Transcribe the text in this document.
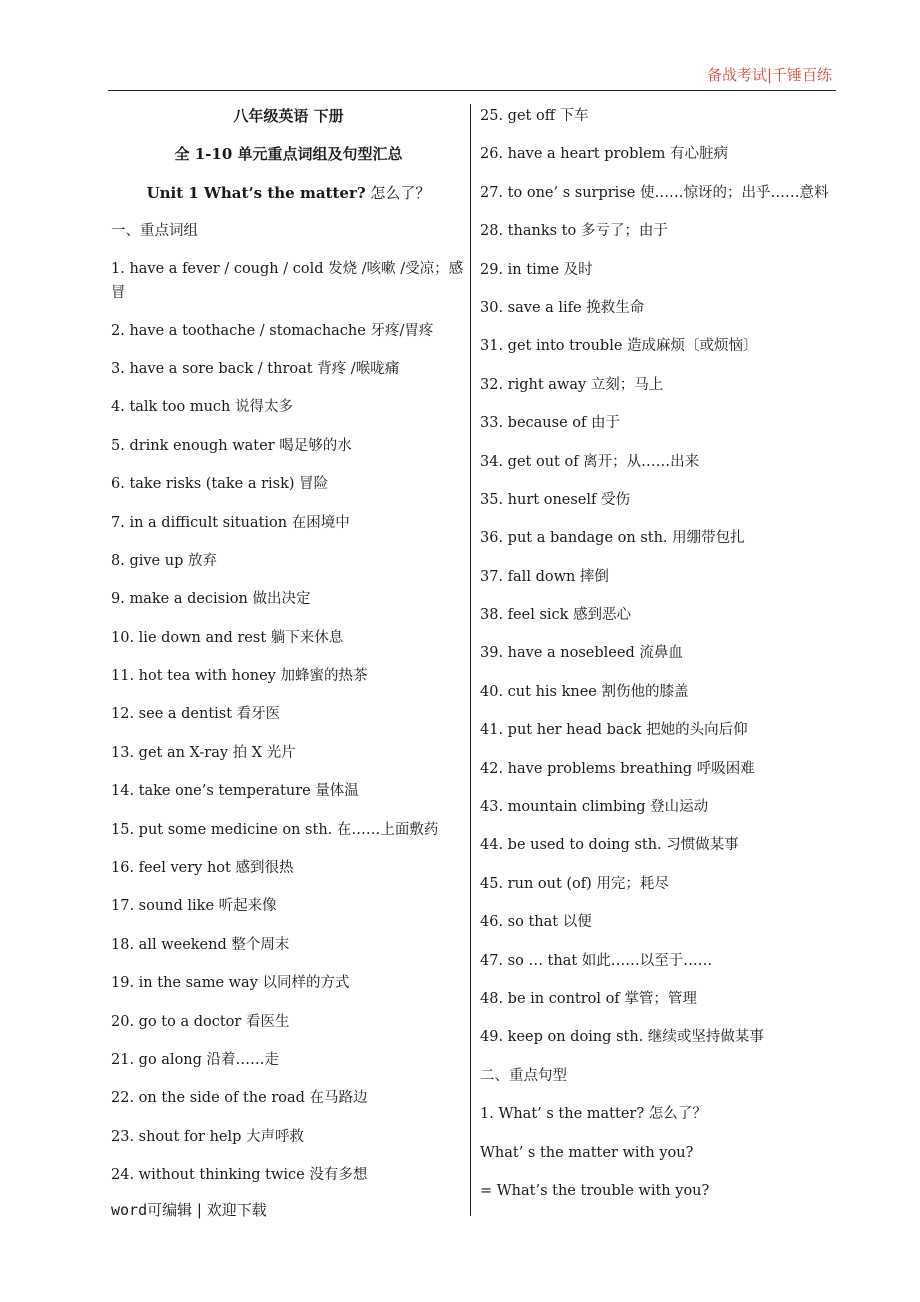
备战考试|千锤百练
八年级英语 下册
全 1-10 单元重点词组及句型汇总
Unit 1 What’s the matter? 怎么了？
一、重点词组
1. have a fever / cough / cold 发烧 /咳嗽 /受凉；感冒
2. have a toothache / stomachache 牙疼/胃疼
3. have a sore back / throat 背疼 /喉咙痛
4. talk too much 说得太多
5. drink enough water 喝足够的水
6. take risks (take a risk) 冒险
7. in a difficult situation 在困境中
8. give up 放弃
9. make a decision 做出决定
10. lie down and rest 躺下来休息
11. hot tea with honey 加蜂蜜的热茶
12. see a dentist 看牙医
13. get an X-ray 拍 X 光片
14. take one’s temperature 量体温
15. put some medicine on sth. 在……上面敷药
16. feel very hot 感到很热
17. sound like 听起来像
18. all weekend 整个周末
19. in the same way 以同样的方式
20. go to a doctor 看医生
21. go along 沿着……走
22. on the side of the road 在马路边
23. shout for help 大声呼救
24. without thinking twice 没有多想
25. get off 下车
26. have a heart problem 有心脏病
27. to one’ s surprise 使……惊讶的；出乎……意料
28. thanks to 多亏了；由于
29. in time 及时
30. save a life 挽救生命
31. get into trouble 造成麻烦〔或烦恼〕
32. right away 立刻；马上
33. because of 由于
34. get out of 离开；从……出来
35. hurt oneself 受伤
36. put a bandage on sth. 用绷带包扎
37. fall down 摔倒
38. feel sick 感到恶心
39. have a nosebleed 流鼻血
40. cut his knee 割伤他的膝盖
41. put her head back 把她的头向后仰
42. have problems breathing 呼吸困难
43. mountain climbing 登山运动
44. be used to doing sth. 习惯做某事
45. run out (of) 用完；耗尽
46. so that 以便
47. so … that 如此……以至于……
48. be in control of 掌管；管理
49. keep on doing sth. 继续或坚持做某事
二、重点句型
1. What’ s the matter? 怎么了？
What’ s the matter with you?
= What’s the trouble with you?
word可编辑 | 欢迎下载
